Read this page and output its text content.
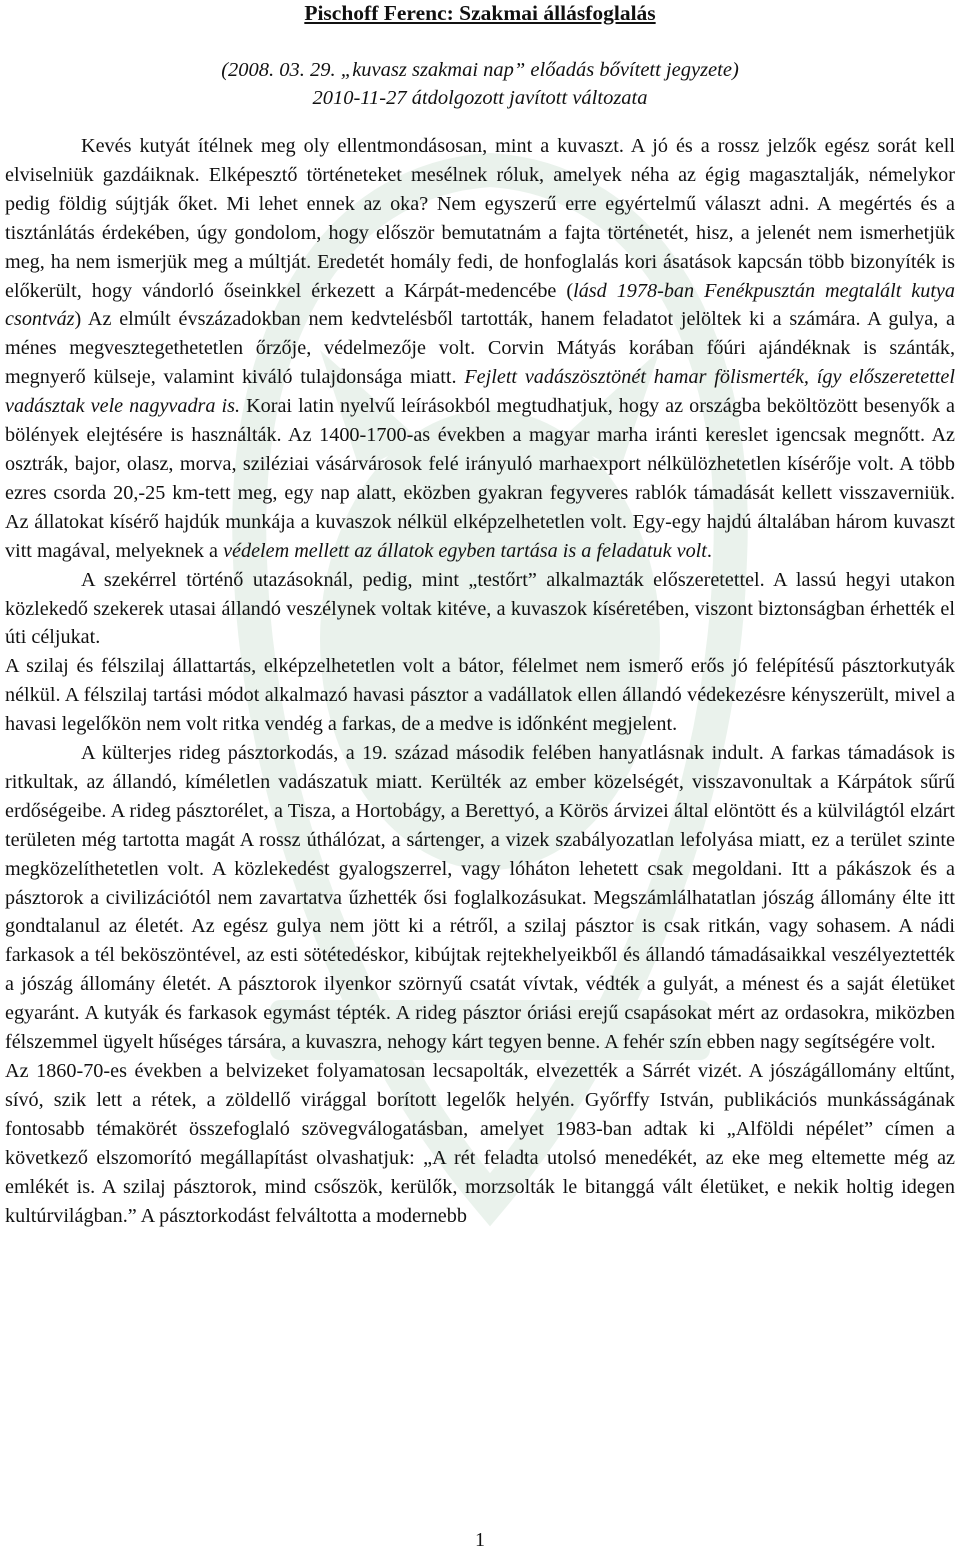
Pischoff Ferenc: Szakmai állásfoglalás

(2008. 03. 29. „kuvasz szakmai nap” előadás bővített jegyzete)

2010-11-27 átdolgozott javított változata

Kevés kutyát ítélnek meg oly ellentmondásosan, mint a kuvaszt. A jó és a rossz jelzők egész sorát kell elviselniük gazdáiknak. Elképesztő történeteket mesélnek róluk, amelyek néha az égig magasztalják, némelykor pedig földig sújtják őket. Mi lehet ennek az oka? Nem egyszerű erre egyértelmű választ adni. A megértés és a tisztánlátás érdekében, úgy gondolom, hogy először bemutatnám a fajta történetét, hisz, a jelenét nem ismerhetjük meg, ha nem ismerjük meg a múltját. Eredetét homály fedi, de honfoglalás kori ásatások kapcsán több bizonyíték is előkerült, hogy vándorló őseinkkel érkezett a Kárpát-medencébe (lásd 1978-ban Fenékpusztán megtalált kutya csontváz) Az elmúlt évszázadokban nem kedvtelésből tartották, hanem feladatot jelöltek ki a számára. A gulya, a ménes megvesztegethetetlen őrzője, védelmezője volt. Corvin Mátyás korában főúri ajándéknak is szánták, megnyerő külseje, valamint kiváló tulajdonsága miatt. Fejlett vadászösztönét hamar fölismerték, így előszeretettel vadásztak vele nagyvadra is. Korai latin nyelvű leírásokból megtudhatjuk, hogy az országba beköltözött besenyők a bölények elejtésére is használták. Az 1400-1700-as években a magyar marha iránti kereslet igencsak megnőtt. Az osztrák, bajor, olasz, morva, sziléziai vásárvárosok felé irányuló marhaexport nélkülözhetetlen kísérője volt. A több ezres csorda 20,-25 km-tett meg, egy nap alatt, eközben gyakran fegyveres rablók támadását kellett visszaverniük. Az állatokat kísérő hajdúk munkája a kuvaszok nélkül elképzelhetetlen volt. Egy-egy hajdú általában három kuvaszt vitt magával, melyeknek a védelem mellett az állatok egyben tartása is a feladatuk volt.

A szekérrel történő utazásoknál, pedig, mint „testőrt” alkalmazták előszeretettel. A lassú hegyi utakon közlekedő szekerek utasai állandó veszélynek voltak kitéve, a kuvaszok kíséretében, viszont biztonságban érhették el úti céljukat.

A szilaj és félszilaj állattartás, elképzelhetetlen volt a bátor, félelmet nem ismerő erős jó felépítésű pásztorkutyák nélkül. A félszilaj tartási módot alkalmazó havasi pásztor a vadállatok ellen állandó védekezésre kényszerült, mivel a havasi legelőkön nem volt ritka vendég a farkas, de a medve is időnként megjelent.

A külterjes rideg pásztorkodás, a 19. század második felében hanyatlásnak indult. A farkas támadások is ritkultak, az állandó, kíméletlen vadászatuk miatt. Kerülték az ember közelségét, visszavonultak a Kárpátok sűrű erdőségeibe. A rideg pásztorélet, a Tisza, a Hortobágy, a Berettyó, a Körös árvizei által elöntött és a külvilágtól elzárt területen még tartotta magát A rossz úthálózat, a sártenger, a vizek szabályozatlan lefolyása miatt, ez a terület szinte megközelíthetetlen volt. A közlekedést gyalogszerrel, vagy lóháton lehetett csak megoldani. Itt a pákászok és a pásztorok a civilizációtól nem zavartatva űzhették ősi foglalkozásukat. Megszámlálhatatlan jószág állomány élte itt gondtalanul az életét. Az egész gulya nem jött ki a rétről, a szilaj pásztor is csak ritkán, vagy sohasem. A nádi farkasok a tél beköszöntével, az esti sötétedéskor, kibújtak rejtekhelyeikből és állandó támadásaikkal veszélyeztették a jószág állomány életét. A pásztorok ilyenkor szörnyű csatát vívtak, védték a gulyát, a ménest és a saját életüket egyaránt. A kutyák és farkasok egymást tépték. A rideg pásztor óriási erejű csapásokat mért az ordasokra, miközben félszemmel ügyelt hűséges társára, a kuvaszra, nehogy kárt tegyen benne. A fehér szín ebben nagy segítségére volt.

Az 1860-70-es években a belvizeket folyamatosan lecsapolták, elvezették a Sárrét vizét. A jószágállomány eltűnt, sívó, szik lett a rétek, a zöldellő virággal borított legelők helyén. Győrffy István, publikációs munkásságának fontosabb témakörét összefoglaló szövegválogatásban, amelyet 1983-ban adtak ki „Alföldi népélet” címen a következő elszomorító megállapítást olvashatjuk: „A rét feladta utolsó menedékét, az eke meg eltemette még az emlékét is. A szilaj pásztorok, mind csőszök, kerülők, morzsolták le bitanggá vált életüket, e nekik holtig idegen kultúrvilágban.” A pásztorkodást felváltotta a modernebb

1
